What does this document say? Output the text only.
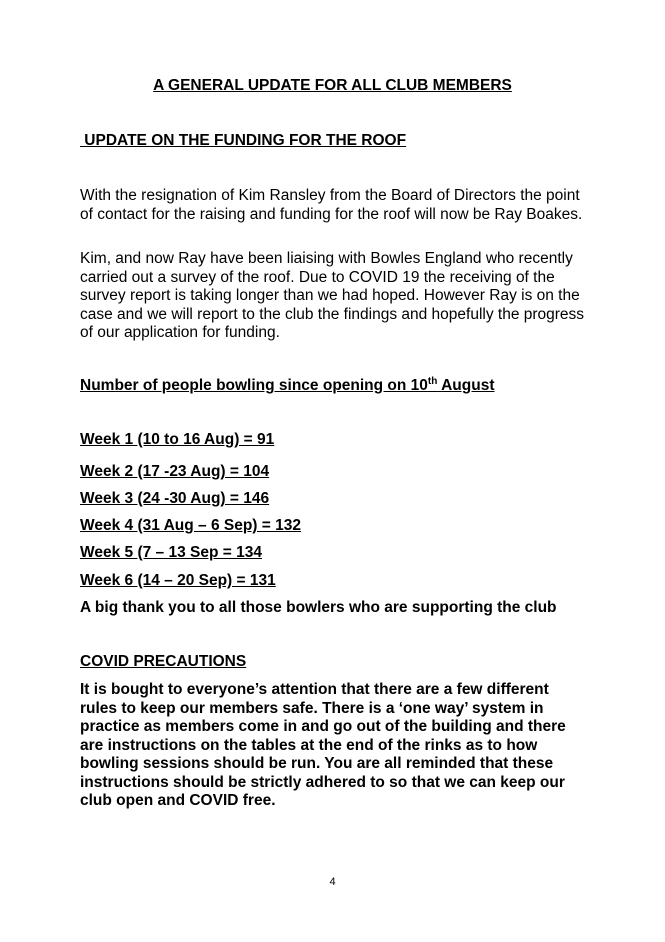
A GENERAL UPDATE FOR ALL CLUB MEMBERS
UPDATE ON THE FUNDING FOR THE ROOF
With the resignation of Kim Ransley from the Board of Directors the point of contact for the raising and funding for the roof will now be Ray Boakes.
Kim, and now Ray have been liaising with Bowles England who recently carried out a survey of the roof. Due to COVID 19 the receiving of the survey report is taking longer than we had hoped. However Ray is on the case and we will report to the club the findings and hopefully the progress of our application for funding.
Number of people bowling since opening on 10th August
Week 1 (10 to 16 Aug) = 91
Week 2 (17 -23 Aug) = 104
Week 3 (24 -30 Aug) = 146
Week 4 (31 Aug – 6 Sep) = 132
Week 5 (7 – 13 Sep = 134
Week 6 (14 – 20 Sep) = 131
A big thank you to all those bowlers who are supporting the club
COVID PRECAUTIONS
It is bought to everyone’s attention that there are a few different rules to keep our members safe. There is a ‘one way’ system in practice as members come in and go out of the building and there are instructions on the tables at the end of the rinks as to how bowling sessions should be run. You are all reminded that these instructions should be strictly adhered to so that we can keep our club open and COVID free.
4
